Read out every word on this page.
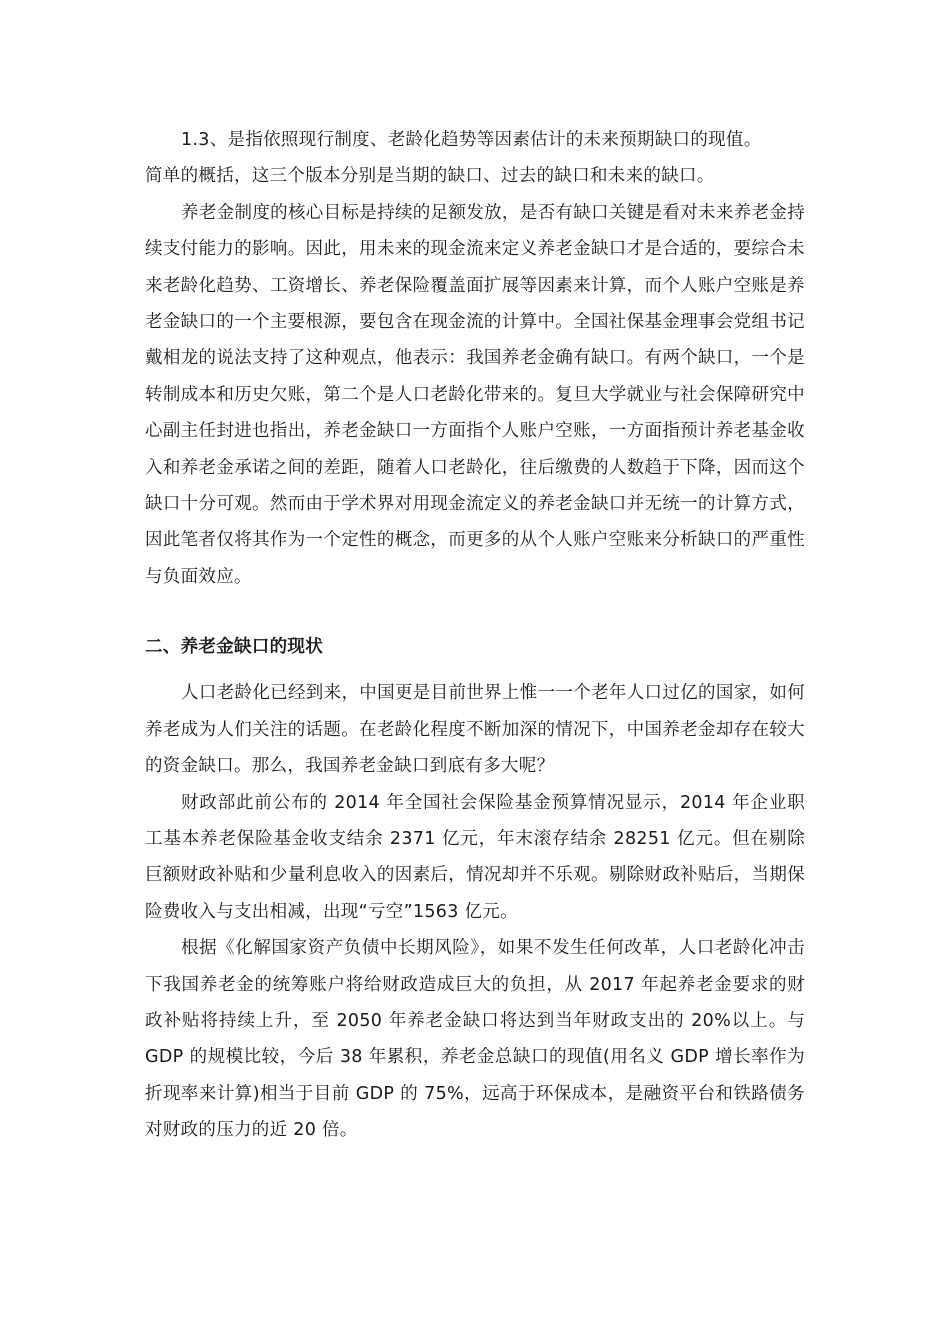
1.3、是指依照现行制度、老龄化趋势等因素估计的未来预期缺口的现值。

简单的概括，这三个版本分别是当期的缺口、过去的缺口和未来的缺口。

养老金制度的核心目标是持续的足额发放，是否有缺口关键是看对未来养老金持续支付能力的影响。因此，用未来的现金流来定义养老金缺口才是合适的，要综合未来老龄化趋势、工资增长、养老保险覆盖面扩展等因素来计算，而个人账户空账是养老金缺口的一个主要根源，要包含在现金流的计算中。全国社保基金理事会党组书记戴相龙的说法支持了这种观点，他表示：我国养老金确有缺口。有两个缺口，一个是转制成本和历史欠账，第二个是人口老龄化带来的。复旦大学就业与社会保障研究中心副主任封进也指出，养老金缺口一方面指个人账户空账，一方面指预计养老基金收入和养老金承诺之间的差距，随着人口老龄化，往后缴费的人数趋于下降，因而这个缺口十分可观。然而由于学术界对用现金流定义的养老金缺口并无统一的计算方式，因此笔者仅将其作为一个定性的概念，而更多的从个人账户空账来分析缺口的严重性与负面效应。

二、养老金缺口的现状

人口老龄化已经到来，中国更是目前世界上惟一一个老年人口过亿的国家，如何养老成为人们关注的话题。在老龄化程度不断加深的情况下，中国养老金却存在较大的资金缺口。那么，我国养老金缺口到底有多大呢？

财政部此前公布的 2014 年全国社会保险基金预算情况显示，2014 年企业职工基本养老保险基金收支结余 2371 亿元，年末滚存结余 28251 亿元。但在剔除巨额财政补贴和少量利息收入的因素后，情况却并不乐观。剔除财政补贴后，当期保险费收入与支出相减，出现“亏空”1563 亿元。

根据《化解国家资产负债中长期风险》，如果不发生任何改革，人口老龄化冲击下我国养老金的统筹账户将给财政造成巨大的负担，从 2017 年起养老金要求的财政补贴将持续上升，至 2050 年养老金缺口将达到当年财政支出的 20%以上。与 GDP 的规模比较，今后 38 年累积，养老金总缺口的现值(用名义 GDP 增长率作为折现率来计算)相当于目前 GDP 的 75%，远高于环保成本，是融资平台和铁路债务对财政的压力的近 20 倍。
